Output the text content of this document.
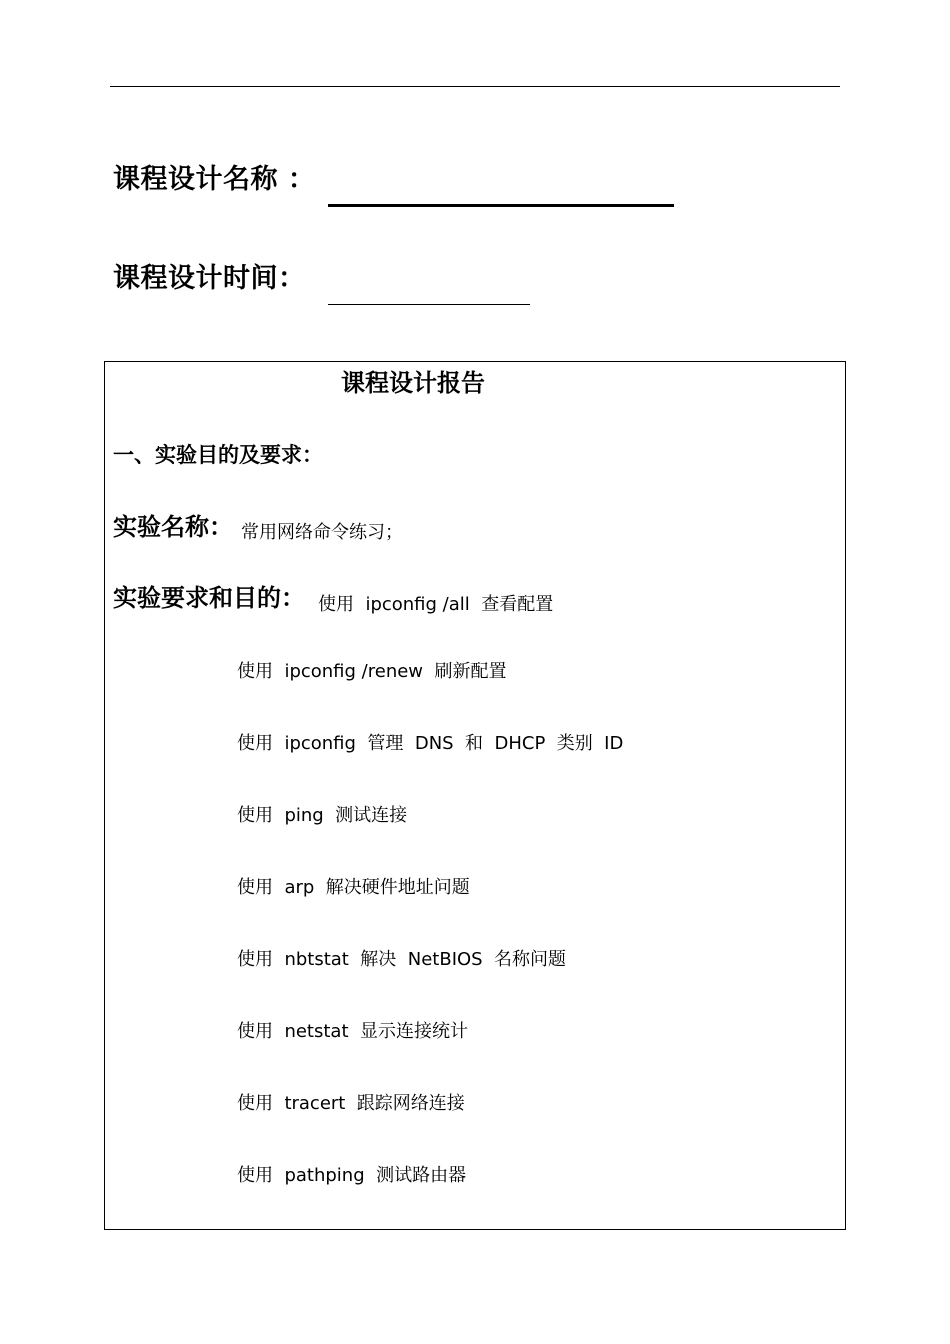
课程设计名称 ：
课程设计时间：
课程设计报告
一、实验目的及要求：
实验名称： 常用网络命令练习；
实验要求和目的： 使用  ipconfig /all  查看配置
使用  ipconfig /renew  刷新配置
使用  ipconfig  管理  DNS  和  DHCP  类别  ID
使用  ping  测试连接
使用  arp  解决硬件地址问题
使用  nbtstat  解决  NetBIOS  名称问题
使用  netstat  显示连接统计
使用  tracert  跟踪网络连接
使用  pathping  测试路由器
